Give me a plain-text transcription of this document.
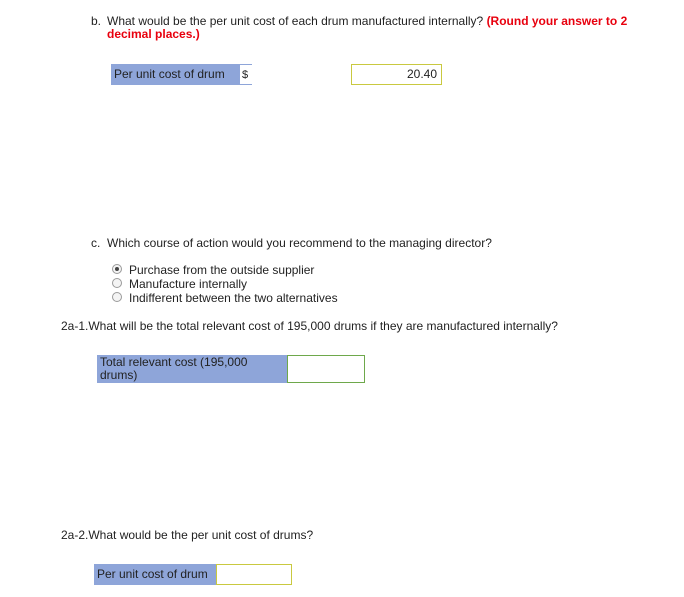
b. What would be the per unit cost of each drum manufactured internally? (Round your answer to 2 decimal places.)
Per unit cost of drum	$	20.40
c. Which course of action would you recommend to the managing director?
Purchase from the outside supplier
Manufacture internally
Indifferent between the two alternatives
2a-1.What will be the total relevant cost of 195,000 drums if they are manufactured internally?
Total relevant cost (195,000 drums)
2a-2.What would be the per unit cost of drums?
Per unit cost of drum
